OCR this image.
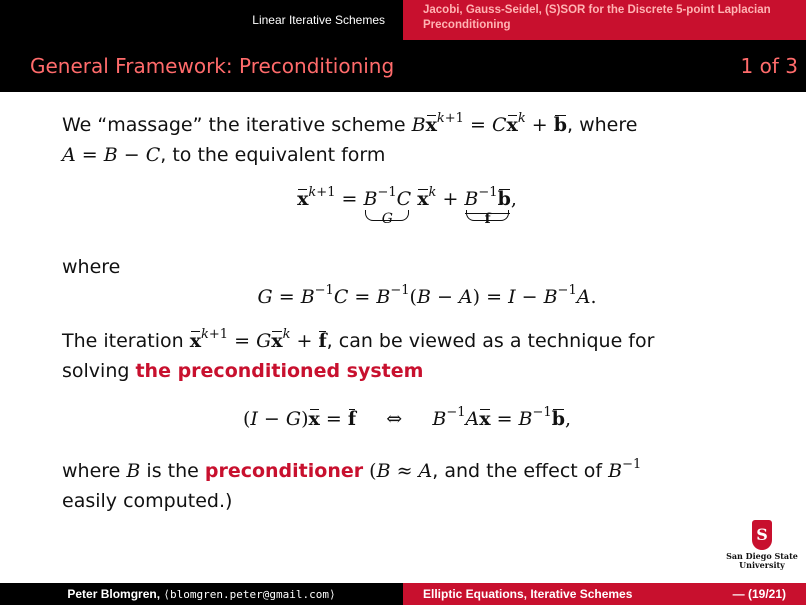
Linear Iterative Schemes
Jacobi, Gauss-Seidel, (S)SOR for the Discrete 5-point Laplacian
Preconditioning
General Framework: Preconditioning	1 of 3
We “massage” the iterative scheme $Bx^{k+1} = Cx^k + b$, where
A = B − C, to the equivalent form
$x^{k+1} = B^{-1}C$
G
$x^k + B^{-1}b$
f
,
where
$G = B^{-1}C = B^{-1}(B - A) = I - B^{-1}A$.
The iteration $x^{k+1} = Gx^k + f$, can be viewed as a technique for
solving the preconditioned system
(I − G)x = f     ⇔     $B^{-1}Ax = B^{-1}b$,
where B is the preconditioner (B ≈ A, and the effect of $B^{-1}$
easily computed.)
S
San Diego State
University
Peter Blomgren,
⟨blomgren.peter@gmail.com⟩	Elliptic Equations, Iterative Schemes	— (19/21)
